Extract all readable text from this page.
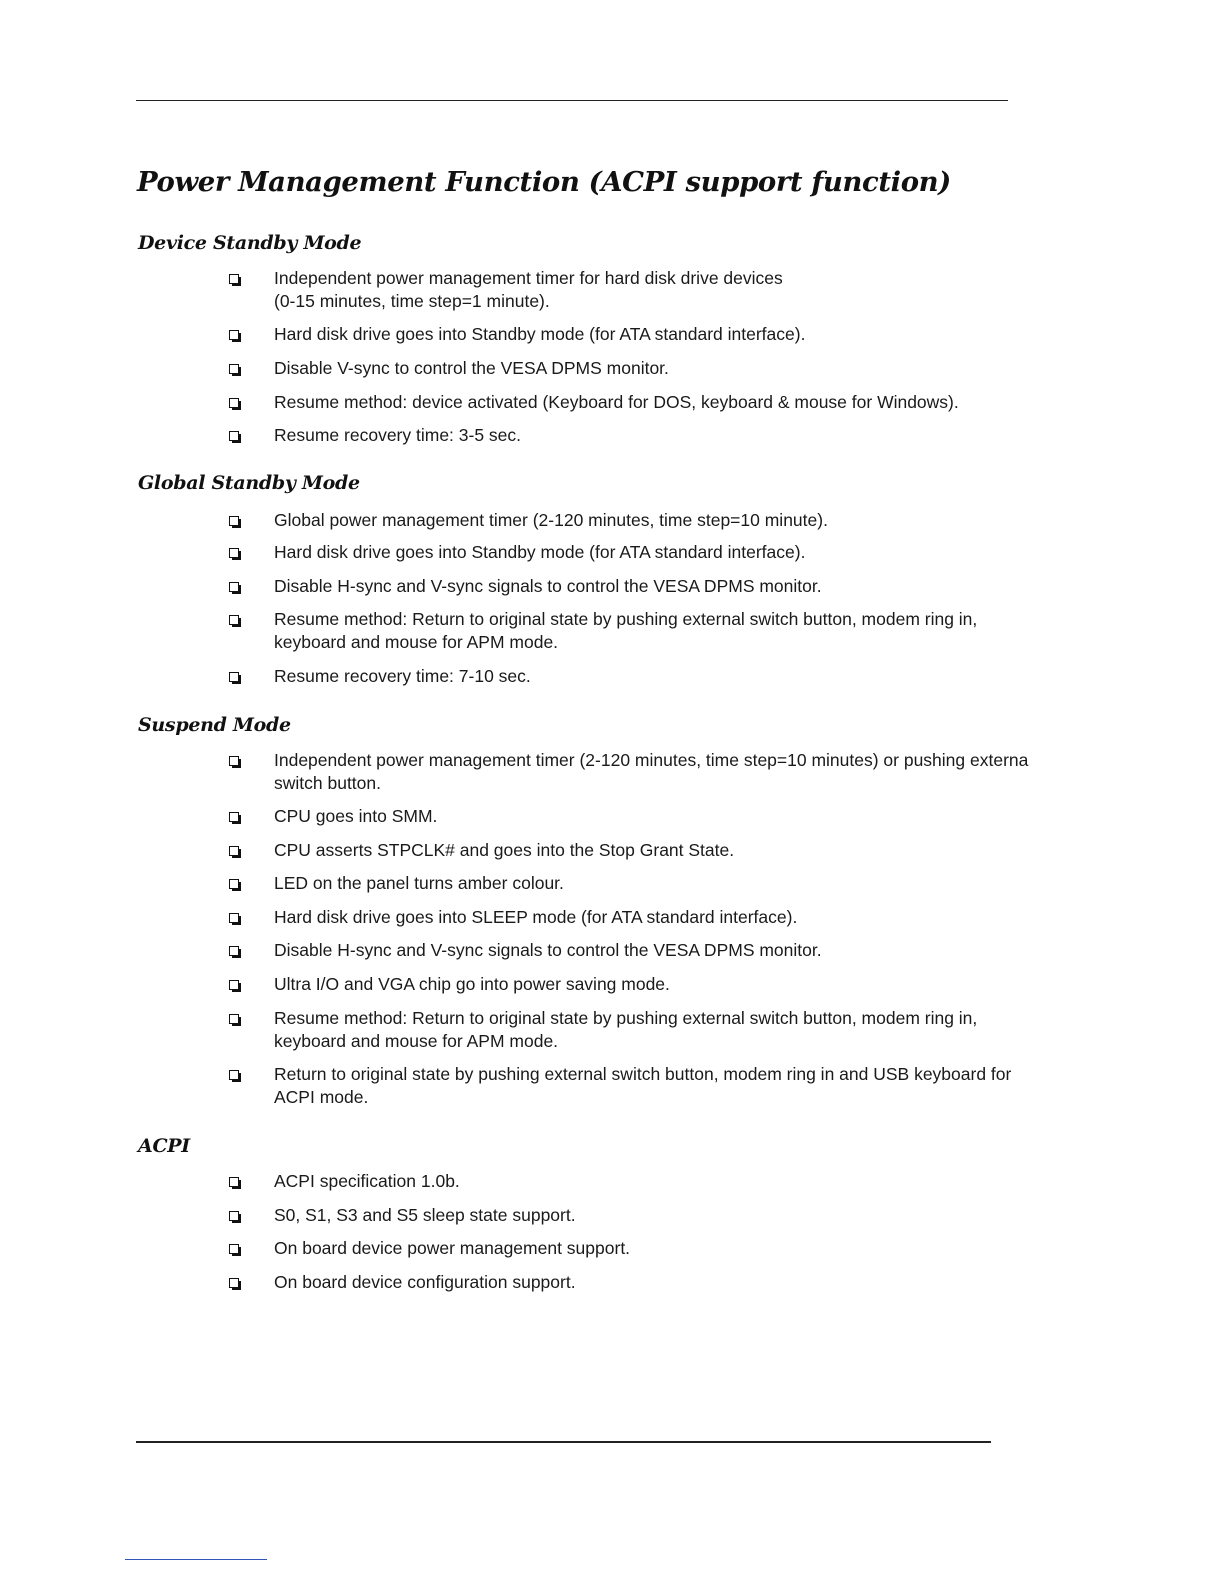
Power Management Function (ACPI support function)
Device Standby Mode
Independent power management timer for hard disk drive devices
(0-15 minutes, time step=1 minute).
Hard disk drive goes into Standby mode (for ATA standard interface).
Disable V-sync to control the VESA DPMS monitor.
Resume method: device activated (Keyboard for DOS, keyboard & mouse for Windows).
Resume recovery time: 3-5 sec.
Global Standby Mode
Global power management timer (2-120 minutes, time step=10 minute).
Hard disk drive goes into Standby mode (for ATA standard interface).
Disable H-sync and V-sync signals to control the VESA DPMS monitor.
Resume method: Return to original state by pushing external switch button, modem ring in,
keyboard and mouse for APM mode.
Resume recovery time: 7-10 sec.
Suspend Mode
Independent power management timer (2-120 minutes, time step=10 minutes) or pushing externa
switch button.
CPU goes into SMM.
CPU asserts STPCLK# and goes into the Stop Grant State.
LED on the panel turns amber colour.
Hard disk drive goes into SLEEP mode (for ATA standard interface).
Disable H-sync and V-sync signals to control the VESA DPMS monitor.
Ultra I/O and VGA chip go into power saving mode.
Resume method: Return to original state by pushing external switch button, modem ring in,
keyboard and mouse for APM mode.
Return to original state by pushing external switch button, modem ring in and USB keyboard for
ACPI mode.
ACPI
ACPI specification 1.0b.
S0, S1, S3 and S5 sleep state support.
On board device power management support.
On board device configuration support.
